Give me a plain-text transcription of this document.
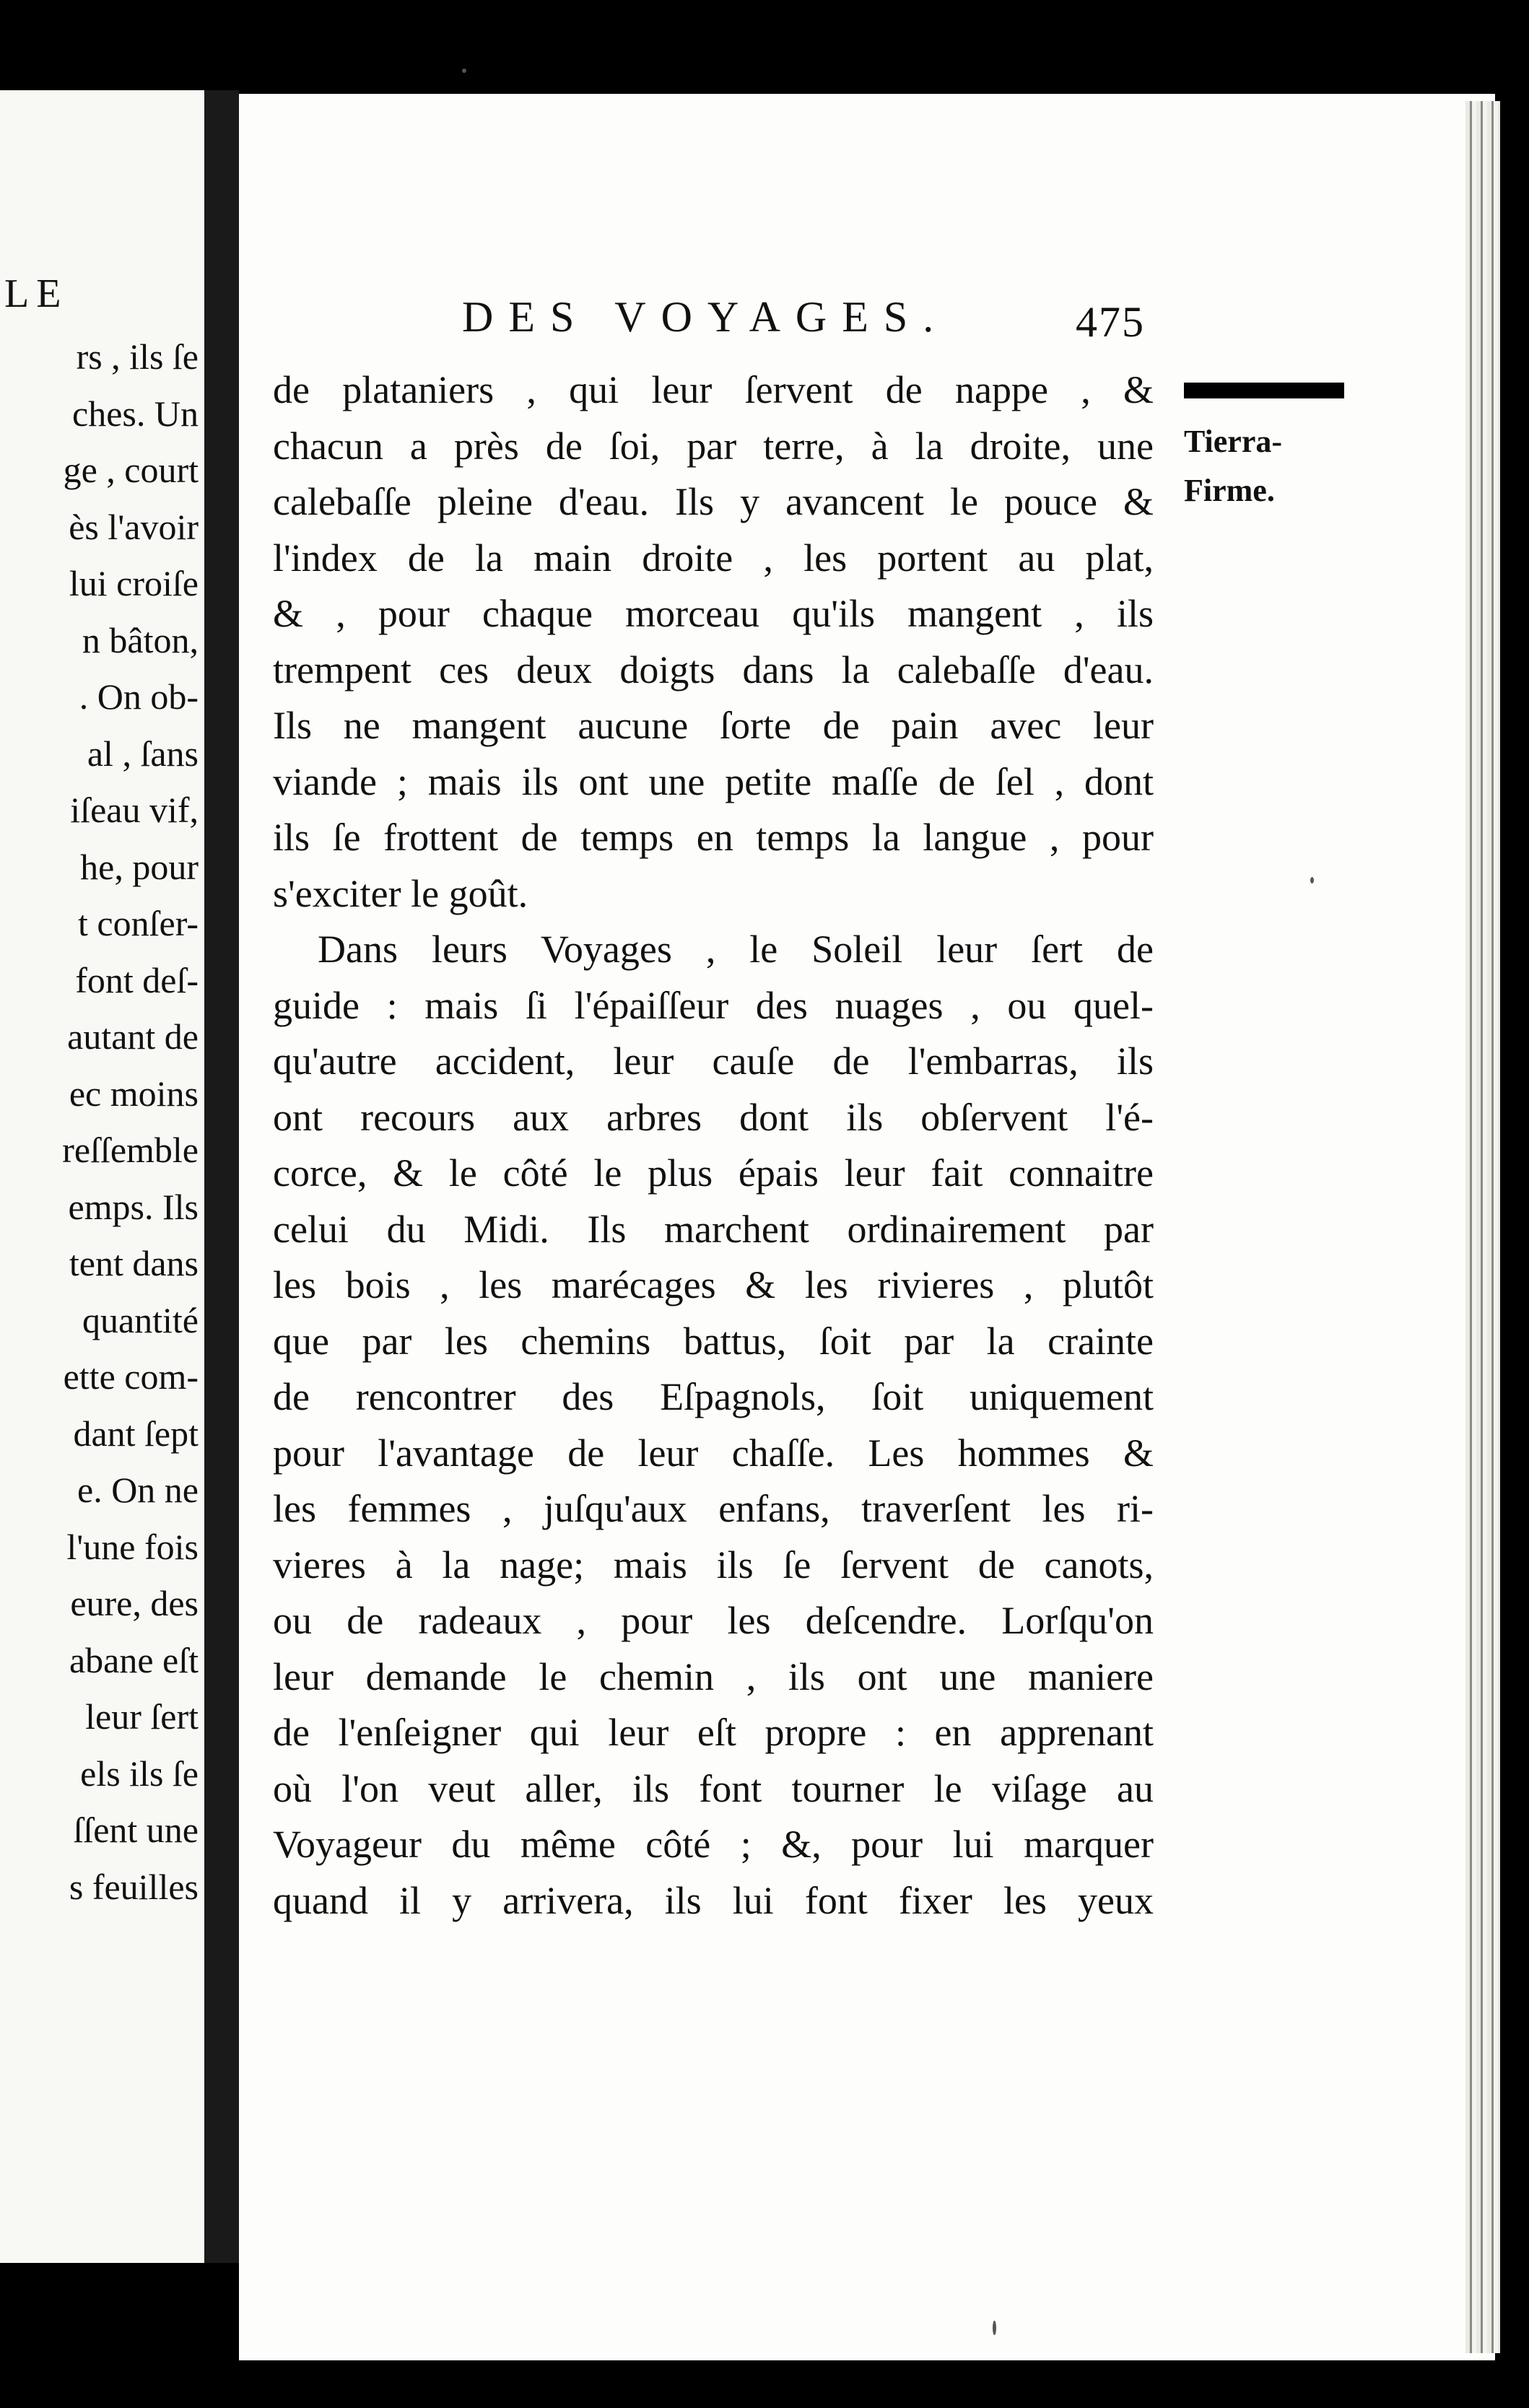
LE
rs , ils ſe
ches. Un
ge , court
ès l'avoir
lui croiſe
n bâton,
. On ob-
al , ſans
iſeau vif,
he, pour
t conſer-
font deſ-
autant de
ec moins
reſſemble
emps. Ils
tent dans
quantité
ette com-
dant ſept
e. On ne
l'une fois
eure, des
abane eſt
leur ſert
els ils ſe
ſſent une
s feuilles
DES VOYAGES.	475
Tierra-
Firme.
de plataniers , qui leur ſervent de nappe , &
chacun a près de ſoi, par terre, à la droite, une
calebaſſe pleine d'eau. Ils y avancent le pouce &
l'index de la main droite , les portent au plat,
& , pour chaque morceau qu'ils mangent , ils
trempent ces deux doigts dans la calebaſſe d'eau.
Ils ne mangent aucune ſorte de pain avec leur
viande ; mais ils ont une petite maſſe de ſel , dont
ils ſe frottent de temps en temps la langue , pour
s'exciter le goût.
Dans leurs Voyages , le Soleil leur ſert de
guide : mais ſi l'épaiſſeur des nuages , ou quel-
qu'autre accident, leur cauſe de l'embarras, ils
ont recours aux arbres dont ils obſervent l'é-
corce, & le côté le plus épais leur fait connaitre
celui du Midi. Ils marchent ordinairement par
les bois , les marécages & les rivieres , plutôt
que par les chemins battus, ſoit par la crainte
de rencontrer des Eſpagnols, ſoit uniquement
pour l'avantage de leur chaſſe. Les hommes &
les femmes , juſqu'aux enfans, traverſent les ri-
vieres à la nage; mais ils ſe ſervent de canots,
ou de radeaux , pour les deſcendre. Lorſqu'on
leur demande le chemin , ils ont une maniere
de l'enſeigner qui leur eſt propre : en apprenant
où l'on veut aller, ils font tourner le viſage au
Voyageur du même côté ; &, pour lui marquer
quand il y arrivera, ils lui font fixer les yeux
